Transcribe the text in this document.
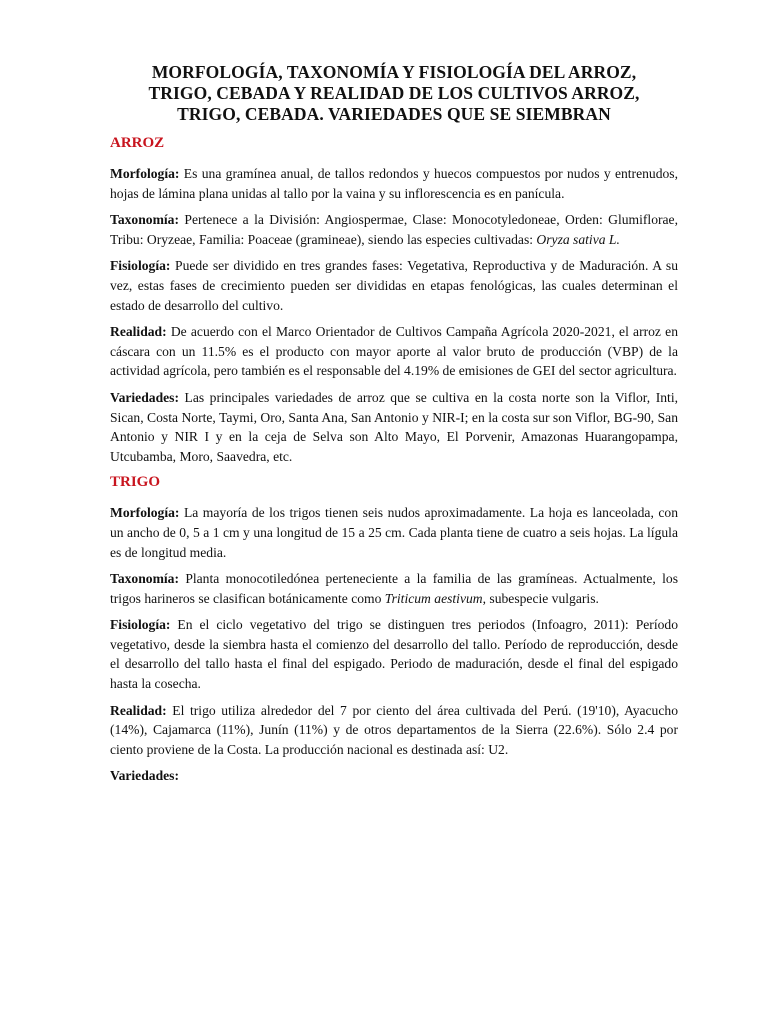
MORFOLOGÍA, TAXONOMÍA Y FISIOLOGÍA DEL ARROZ,
TRIGO, CEBADA Y REALIDAD DE LOS CULTIVOS ARROZ,
TRIGO, CEBADA. VARIEDADES QUE SE SIEMBRAN
ARROZ

Morfología: Es una gramínea anual, de tallos redondos y huecos compuestos por nudos y entrenudos, hojas de lámina plana unidas al tallo por la vaina y su inflorescencia es en panícula.

Taxonomía: Pertenece a la División: Angiospermae, Clase: Monocotyledoneae, Orden: Glumiflorae, Tribu: Oryzeae, Familia: Poaceae (gramineae), siendo las especies cultivadas: Oryza sativa L.

Fisiología: Puede ser dividido en tres grandes fases: Vegetativa, Reproductiva y de Maduración. A su vez, estas fases de crecimiento pueden ser divididas en etapas fenológicas, las cuales determinan el estado de desarrollo del cultivo.

Realidad: De acuerdo con el Marco Orientador de Cultivos Campaña Agrícola 2020-2021, el arroz en cáscara con un 11.5% es el producto con mayor aporte al valor bruto de producción (VBP) de la actividad agrícola, pero también es el responsable del 4.19% de emisiones de GEI del sector agricultura.

Variedades: Las principales variedades de arroz que se cultiva en la costa norte son la Viflor, Inti, Sican, Costa Norte, Taymi, Oro, Santa Ana, San Antonio y NIR-I; en la costa sur son Viflor, BG-90, San Antonio y NIR I y en la ceja de Selva son Alto Mayo, El Porvenir, Amazonas Huarangopampa, Utcubamba, Moro, Saavedra, etc.

TRIGO

Morfología: La mayoría de los trigos tienen seis nudos aproximadamente. La hoja es lanceolada, con un ancho de 0, 5 a 1 cm y una longitud de 15 a 25 cm. Cada planta tiene de cuatro a seis hojas. La lígula es de longitud media.

Taxonomía: Planta monocotiledónea perteneciente a la familia de las gramíneas. Actualmente, los trigos harineros se clasifican botánicamente como Triticum aestivum, subespecie vulgaris.

Fisiología: En el ciclo vegetativo del trigo se distinguen tres periodos (Infoagro, 2011): Período vegetativo, desde la siembra hasta el comienzo del desarrollo del tallo. Período de reproducción, desde el desarrollo del tallo hasta el final del espigado. Periodo de maduración, desde el final del espigado hasta la cosecha.

Realidad: El trigo utiliza alrededor del 7 por ciento del área cultivada del Perú. (19'10), Ayacucho (14%), Cajamarca (11%), Junín (11%) y de otros departamentos de la Sierra (22.6%). Sólo 2.4 por ciento proviene de la Costa. La producción nacional es destinada así: U2.

Variedades:
